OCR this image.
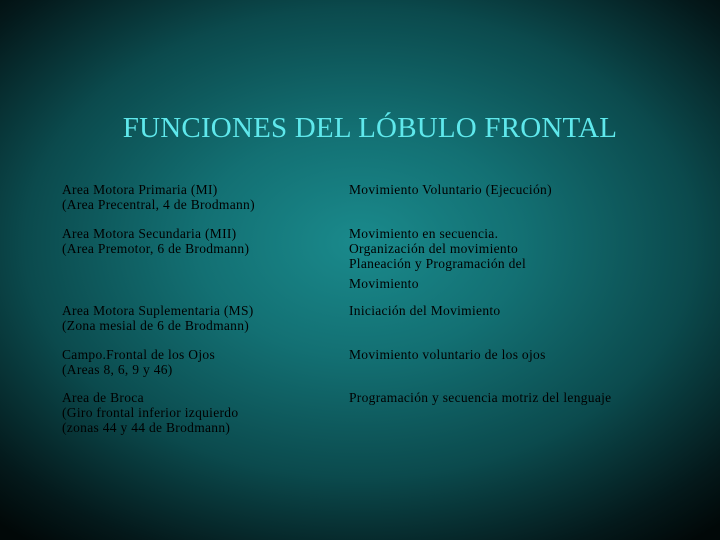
FUNCIONES DEL LÓBULO FRONTAL
Area Motora Primaria (MI)
(Area Precentral, 4 de Brodmann)
Movimiento Voluntario (Ejecución)
Area Motora Secundaria (MII)
(Area Premotor, 6 de Brodmann)
Movimiento en secuencia.
Organización del movimiento
Planeación y Programación del
Movimiento
Area Motora Suplementaria (MS)
(Zona mesial de 6 de Brodmann)
Iniciación del Movimiento
Campo.Frontal de los Ojos
(Areas 8, 6, 9 y 46)
Movimiento voluntario de los ojos
Area de Broca
(Giro frontal inferior izquierdo
(zonas 44 y 44 de Brodmann)
Programación y secuencia motriz del lenguaje
